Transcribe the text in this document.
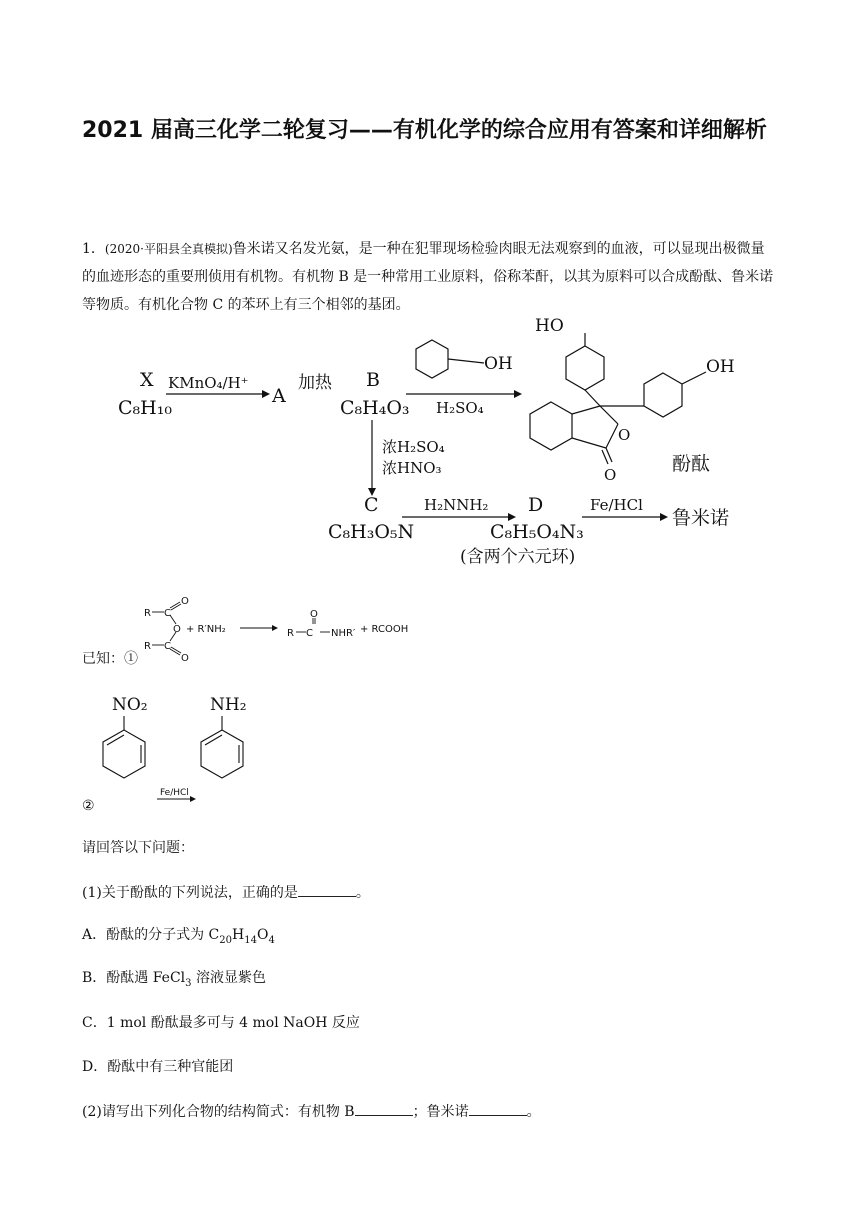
2021 届高三化学二轮复习——有机化学的综合应用有答案和详细解析

1．(2020·平阳县全真模拟)鲁米诺又名发光氨，是一种在犯罪现场检验肉眼无法观察到的血液，可以显现出极微量的血迹形态的重要刑侦用有机物。有机物 B 是一种常用工业原料，俗称苯酐，以其为原料可以合成酚酞、鲁米诺等物质。有机化合物 C 的苯环上有三个相邻的基团。

X
C₈H₁₀
KMnO₄/H⁺
A
加热 B
C₈H₄O₃
OH
H₂SO₄
HO
OH
O
O	酚酞
浓H₂SO₄
浓HNO₃
C
C₈H₃O₅N
H₂NNH₂ D
C₈H₅O₄N₃
(含两个六元环)
Fe/HCl
鲁米诺
R C
O
O
R C
O
+ R′NH₂	R C
O
NHR′ + RCOOH
已知：①
NO₂	NH₂
Fe/HCl
②

请回答以下问题：

(1)关于酚酞的下列说法，正确的是	。

A．酚酞的分子式为 $C_{20}H_{14}O_4$

B．酚酞遇 FeCl$_3$ 溶液显紫色

C．1 mol 酚酞最多可与 4 mol NaOH 反应

D．酚酞中有三种官能团

(2)请写出下列化合物的结构简式：有机物 B	；鲁米诺	。
